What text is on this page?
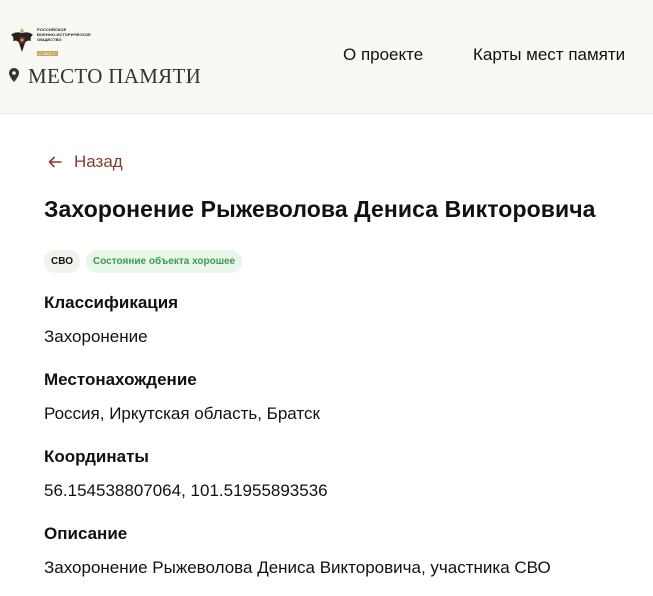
РОССИЙСКОЕ
ВОЕННО-ИСТОРИЧЕСКОЕ
ОБЩЕСТВО
С 1907 Г.
МЕСТО ПАМЯТИ
О проекте	Карты мест памяти
Назад
Захоронение Рыжеволова Дениса Викторовича
СВО	Состояние объекта хорошее
Классификация
Захоронение
Местонахождение
Россия, Иркутская область, Братск
Координаты
56.154538807064, 101.51955893536
Описание
Захоронение Рыжеволова Дениса Викторовича, участника СВО
